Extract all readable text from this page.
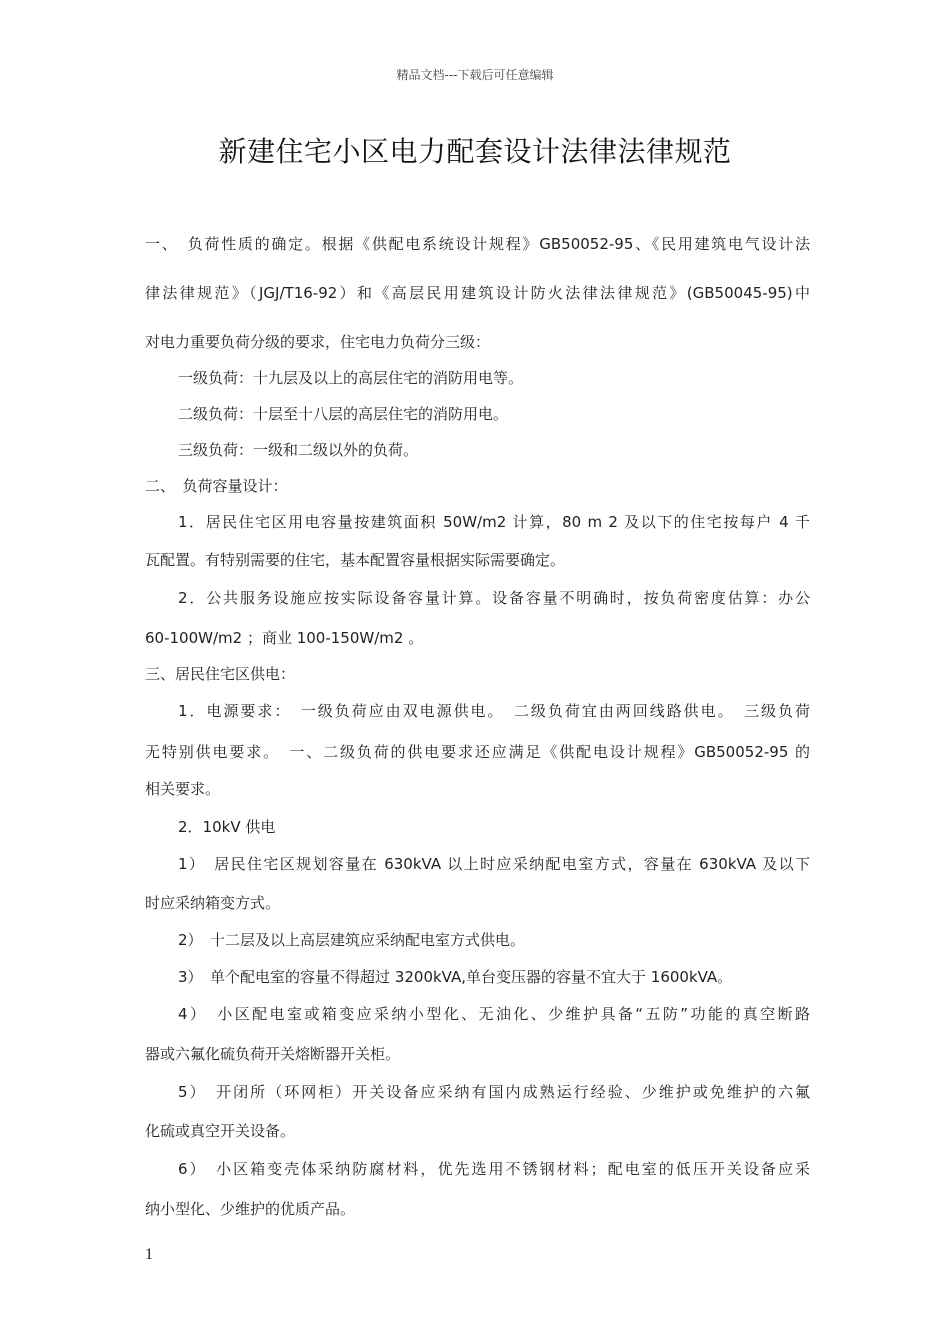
精品文档---下载后可任意编辑
新建住宅小区电力配套设计法律法律规范
一、　负荷性质的确定。根据《供配电系统设计规程》GB50052-95、《民用建筑电气设计法
律法律规范》（JGJ/T16-92）和《高层民用建筑设计防火法律法律规范》(GB50045-95)中
对电力重要负荷分级的要求，住宅电力负荷分三级：
一级负荷：十九层及以上的高层住宅的消防用电等。
二级负荷：十层至十八层的高层住宅的消防用电。
三级负荷：一级和二级以外的负荷。
二、　负荷容量设计：
1．居民住宅区用电容量按建筑面积 50W/m2 计算，80 m 2 及以下的住宅按每户 4 千
瓦配置。有特别需要的住宅，基本配置容量根据实际需要确定。
2．公共服务设施应按实际设备容量计算。设备容量不明确时，按负荷密度估算：办公
60-100W/m2 ；商业 100-150W/m2 。
三、居民住宅区供电：
1．电源要求：　一级负荷应由双电源供电。　二级负荷宜由两回线路供电。　三级负荷
无特别供电要求。　一、二级负荷的供电要求还应满足《供配电设计规程》GB50052-95 的
相关要求。
2．10kV 供电
1）　居民住宅区规划容量在 630kVA 以上时应采纳配电室方式，容量在 630kVA 及以下
时应采纳箱变方式。
2）　十二层及以上高层建筑应采纳配电室方式供电。
3）　单个配电室的容量不得超过 3200kVA,单台变压器的容量不宜大于 1600kVA。
4）　小区配电室或箱变应采纳小型化、无油化、少维护具备“五防”功能的真空断路
器或六氟化硫负荷开关熔断器开关柜。
5）　开闭所（环网柜）开关设备应采纳有国内成熟运行经验、少维护或免维护的六氟
化硫或真空开关设备。
6）　小区箱变壳体采纳防腐材料，优先选用不锈钢材料；配电室的低压开关设备应采
纳小型化、少维护的优质产品。
1
